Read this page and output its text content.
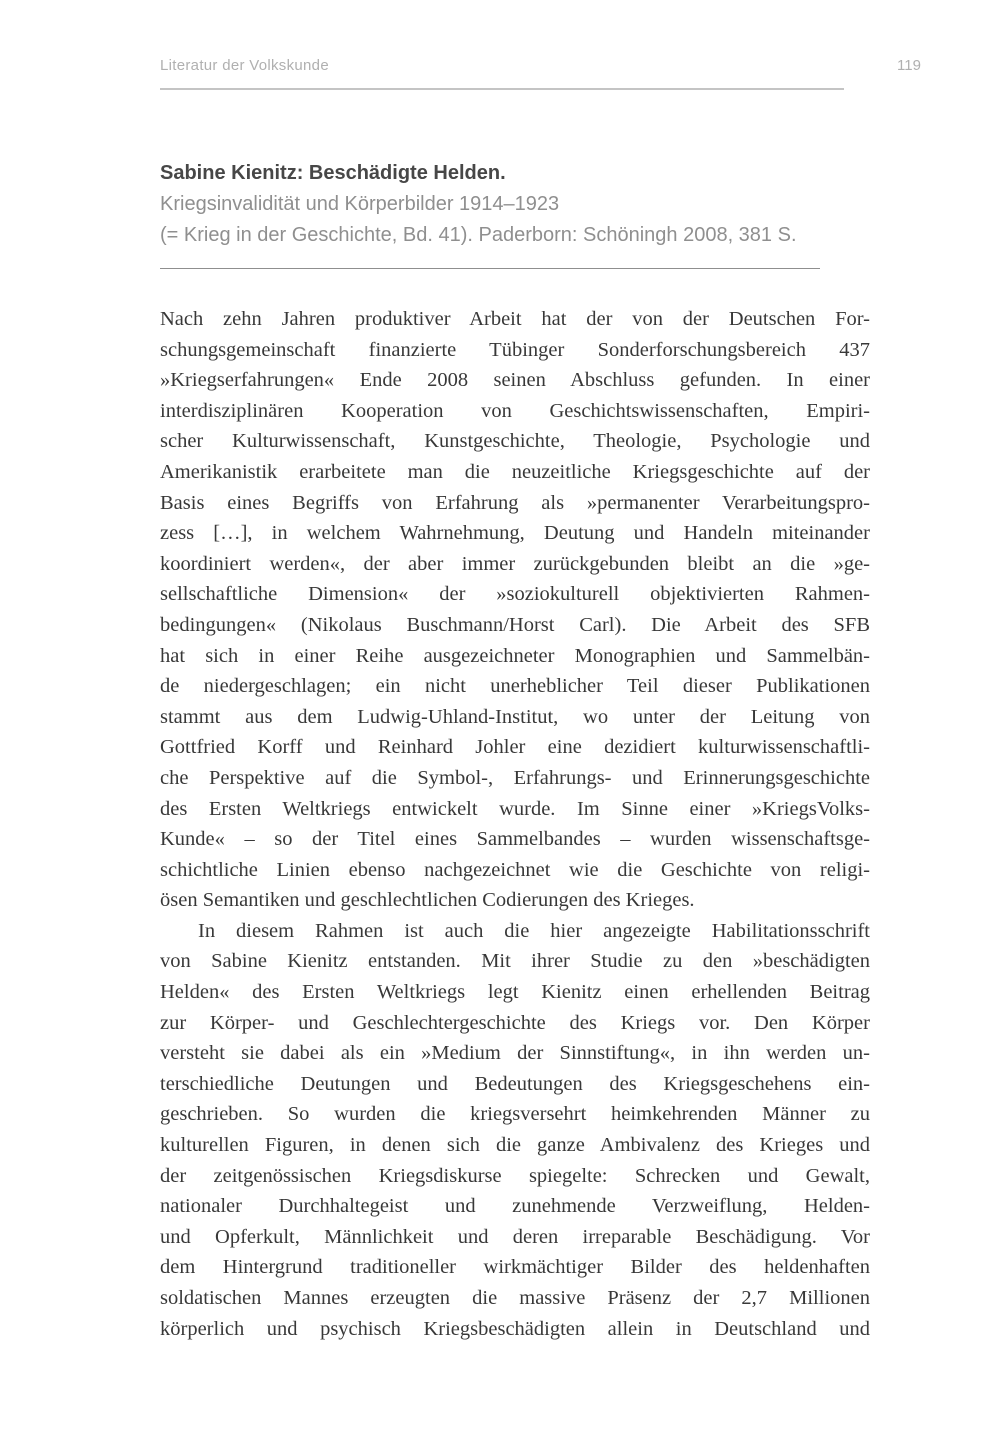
Literatur der Volkskunde	119
Sabine Kienitz: Beschädigte Helden.
Kriegsinvalidität und Körperbilder 1914–1923
(= Krieg in der Geschichte, Bd. 41). Paderborn: Schöningh 2008, 381 S.
Nach zehn Jahren produktiver Arbeit hat der von der Deutschen For-
schungsgemeinschaft finanzierte Tübinger Sonderforschungsbereich 437
»Kriegserfahrungen« Ende 2008 seinen Abschluss gefunden. In einer
interdisziplinären Kooperation von Geschichtswissenschaften, Empiri-
scher Kulturwissenschaft, Kunstgeschichte, Theologie, Psychologie und
Amerikanistik erarbeitete man die neuzeitliche Kriegsgeschichte auf der
Basis eines Begriffs von Erfahrung als »permanenter Verarbeitungspro-
zess […], in welchem Wahrnehmung, Deutung und Handeln miteinander
koordiniert werden«, der aber immer zurückgebunden bleibt an die »ge-
sellschaftliche Dimension« der »soziokulturell objektivierten Rahmen-
bedingungen« (Nikolaus Buschmann/Horst Carl). Die Arbeit des SFB
hat sich in einer Reihe ausgezeichneter Monographien und Sammelbän-
de niedergeschlagen; ein nicht unerheblicher Teil dieser Publikationen
stammt aus dem Ludwig-Uhland-Institut, wo unter der Leitung von
Gottfried Korff und Reinhard Johler eine dezidiert kulturwissenschaftli-
che Perspektive auf die Symbol-, Erfahrungs- und Erinnerungsgeschichte
des Ersten Weltkriegs entwickelt wurde. Im Sinne einer »KriegsVolks-
Kunde« – so der Titel eines Sammelbandes – wurden wissenschaftsge-
schichtliche Linien ebenso nachgezeichnet wie die Geschichte von religi-
ösen Semantiken und geschlechtlichen Codierungen des Krieges.
In diesem Rahmen ist auch die hier angezeigte Habilitationsschrift
von Sabine Kienitz entstanden. Mit ihrer Studie zu den »beschädigten
Helden« des Ersten Weltkriegs legt Kienitz einen erhellenden Beitrag
zur Körper- und Geschlechtergeschichte des Kriegs vor. Den Körper
versteht sie dabei als ein »Medium der Sinnstiftung«, in ihn werden un-
terschiedliche Deutungen und Bedeutungen des Kriegsgeschehens ein-
geschrieben. So wurden die kriegsversehrt heimkehrenden Männer zu
kulturellen Figuren, in denen sich die ganze Ambivalenz des Krieges und
der zeitgenössischen Kriegsdiskurse spiegelte: Schrecken und Gewalt,
nationaler Durchhaltegeist und zunehmende Verzweiflung, Helden-
und Opferkult, Männlichkeit und deren irreparable Beschädigung. Vor
dem Hintergrund traditioneller wirkmächtiger Bilder des heldenhaften
soldatischen Mannes erzeugten die massive Präsenz der 2,7 Millionen
körperlich und psychisch Kriegsbeschädigten allein in Deutschland und
